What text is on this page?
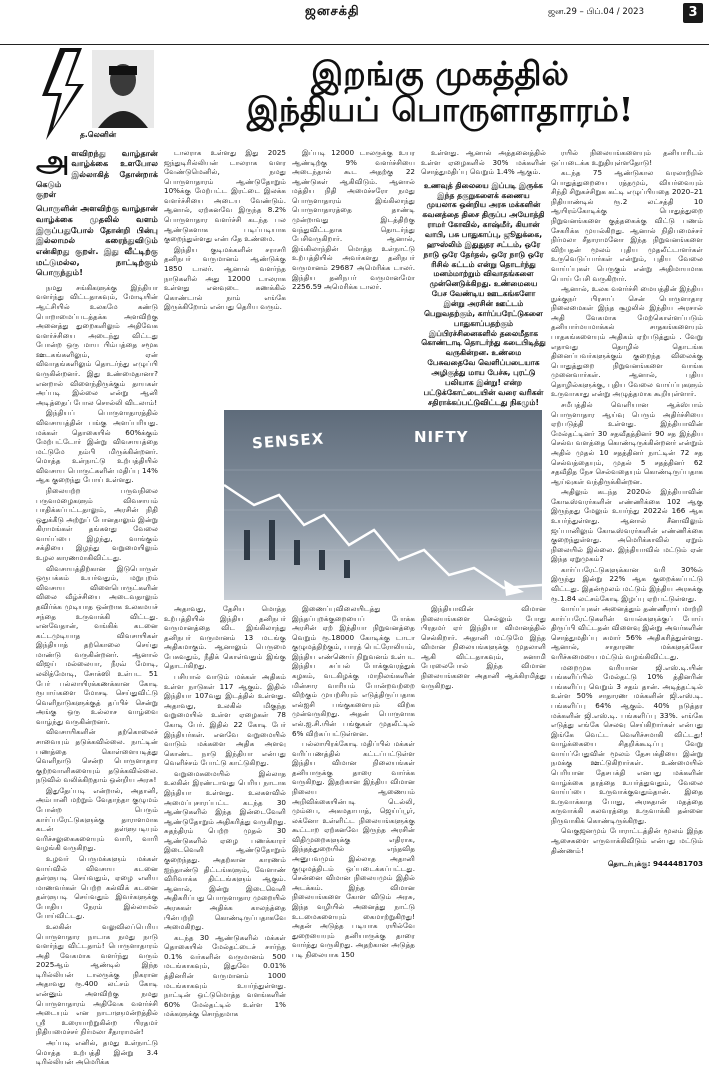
ஜனசக்தி	ஜன.29 – பிப்.04 / 2023	3
த.லெனின்
இறங்கு முகத்தில்
இந்தியப் பொருளாதாரம்!
அ ளவிறந்து வாழ்தான் வாழ்க்கை உளபோல இல்லாகித் தோன்றாக் கெடும்
குறள்
பொருளின் அளவிற்கு வாழ்தான் வாழ்க்கை முதலில் வளம் இருப்பதுபோல் தோன்றி பின்பு இல்லாமல் கரைந்துவிடும் என்கிறது குறள். இது வீட்டிற்கு மட்டுமல்ல, நாட்டிற்கும் பொருந்தும்!

நமது சங்கிகளுக்கு இந்தியா வளர்ந்து விட்டதாகவும், மோடியின் ஆட்சியில் உலகமே கண்டு பொறாமைப்படத்தக்க அளவிற்கு அனைத்து துறைகளிலும் அதிவேக வளர்ச்சியை அடைந்து விட்டது போன்ற ஒரு மாய பிம்பத்தை சமூக ஊடகங்களிலும், ஏன் விவாதங்களிலும் தொடர்ந்து எழுப்பி வருகின்றனர். இது உண்மைதானா? எனறால் விளைந்திருக்கும் தாயகள் அப்படி இல்லை என்று ஆனி அடித்தைப் போல சொல்லி விடலாம்!

இந்தியப் பொருளாதாரத்தில் விவசாயத்தின் பங்கு அளப்பரியது. மக்கள் தொகையில் 60%க்கும் மேற்பட்டோர் இன்று விவசாயத்தை மட்டுமே நம்பி மிருக்கின்றனர். மொத்த உள்நாட்டு உற்பத்தியில் விவசாய பொருட்களின் மதிப்பு 14% ஆக குறைந்து போய் உள்ளது.

நிலையற்ற பருவநிலை பருவமழைகளும் விவசாயம் பாதிக்கப்பட்டதாலும், அரசின் நிதி ஒதுக்கீடு அற்றுப் போனதாலும் இன்று கிராமங்கள் தங்களது வேலை வாய்ப்பை இழந்து, வாங்கும் சக்தியை இழந்து வறுமையிலும் உழல காரணமாகிவிட்டது.

விவசாயத்திற்கான இடுபொருள் ஒருபக்கம் உயர்வதும், மறுபுறம் விவசாய விளைபொருட்களின் விலை வீழ்ச்சியை அடைவதாலும் தவிர்க்க முடியாத ஒன்றாக உலகமயச் சந்தை உருவாக்கி விட்டது. எனவேதான், வங்கிக் கடனை கட்டமுடியாத விவசாயிகள் இந்தியாத் தற்கொலை செய்து மாண்டு வருகின்றனர். ஆனால் விஜய் மல்லையா, நீரவ் மோடி, லலித்மோடி, சோக்ஸி உள்பட 51 பேர் பல்லாயிரக்கணக்கான கோடி ரூபாய்களை மோசடி செய்துவிட்டு வெளிநாடுகளுக்குத் தப்பிச் சென்று அங்கு ஒரு உல்லாச வாழ்வை வாழ்ந்து வருகின்றனர்.

விவசாயிகளின் தற்கொலைச் சாவையும் தடுக்கவில்லை. நாட்டின் பணத்தை கொள்ளையடித்து வெளிநாடு சென்ற பொருளாதார குற்றவாளிகளையும் தடுக்கவில்லை. நடுவில் வலிக்கிறதாம் ஒன்றிய அரசு!

இதுதேப்படி என்றால், அதானி, அம்பானி மற்றும் வேதாந்தா குழுமம் போன்ற பெரும் கார்ப்பரேட்டுகளுக்கு தாராளமாக கடன் தள்ளுபடியும் வரிச்சலுகைகளையும் வாரி, வாரி வழங்கி வருகிறது.

உழவர் பெருமக்களும் மக்கள் வாய்வில் விவசாய கடனை தள்ளுபடி செய்வதும், ஏழை எளிய மாணவர்கள் பெற்ற கல்விக் கடனை தள்ளுபடி செய்வதும் இவர்களுக்கு போதிய நேரம் இல்லாமல் போய்விட்டது.

உலகின் வலுவிலப்பெரிய பொருளாதார நாடாக நமது நாடு வளர்ந்து விட்டதாம்! பொருளாதாரம் அதி வேகமாக வளர்ந்து வரும் 2025ஆம் ஆண்டில் இந்த டிரில்லியன் டாலருக்கு நிகரான அதாவது ரூ.400 லட்சம் கோடி என்னும் அளவிற்கு நமது பொருளாதாரம் அதிவேக வளர்ச்சி அடையும் என நாடாளுமன்றத்தில் ஸ்ரீ உரையாற்றுகின்ற பிரதமர் நிதியமைச்சர் நிர்மலா சீதாராமன்!

அப்படி எனில், தமது உள்நாட்டு மொத்த உற்பத்தி இன்று 3.4 டிரில்லியன் அமெரிக்க

டாலராக உள்ளது இது 2025 ஜந்துடிரில்லியன் டாலராக வளர வேண்டுமெனில், நமது பொருளாதாரம் ஆண்டுதோறும் 10%க்கு மேற்பட்ட இரட்டை இலக்க வளர்ச்சியை அடைய வேண்டும். ஆனால், ஏற்கனவே இருந்த 8.2% பொருளாதார வளர்ச்சி கடந்த பல ஆண்டுகளாக படிப்படியாக குறைந்துள்ளது என்பதே உண்மை.

இந்திய குடிமக்களின் சராசரி தனிநபர் வருமானம் ஆண்டுக்கு 1850 டாலர். ஆனால் வளர்ந்த நாடுகளில் அது 12000 டாலராக உள்ளது எனவுடை கணக்கில் கொண்டால் நாம் எங்கே இருக்கிறோம் என்பது தெரிய வரும்.

இப்படி 12000 டாலருக்கு உயர ஆண்டிற்கு 9% வளர்ச்சியை அடைந்தால் கூட அதற்கு 22 ஆண்டுகள் ஆகிவிடும். ஆனால் மத்திய நிதி அமைச்சரோ நமது பொருளாதாரம் இங்கிலாந்து பொருளாதாரத்தை தாண்டி முன்றாவது இடத்திற்கு வந்துவிட்டதாக தொடர்ந்து பேசிவருகிறார். ஆனால், இங்கிலாந்தின் மொத்த உள்நாட்டு உற்பத்தியில் அவர்களது தனிநபர் வருமானம் 29687 அமெரிக்க டாலர். இந்திய தனிநபர் வருமானமோ 2256.59 அமெரிக்க டாலர்.

உள்ளது. ஆனால் அத்தனைத்தில் உள்ள ஏழைகளில் 30% மக்களின் சொத்துமதிப்பு வெறும் 1.4% ஆகும்.

உணவுத் திலையை இப்படி இருக்க இந்த தகுறுகளைக் கணைய முயலாக ஒன்றிய அரசு மக்களின் கவனத்தை திசை திருப்ப அயோத்தி ராமர் கோவில், காஷ்மீர், கியான் வாபி, பசு பாதுகாப்பு, ஜூதுக்கை, ஹுஸ்லிம் இதுதுதர சட்டம், ஒரே நாடு ஒரே தேர்தல், ஒரே நாடு ஒரே ரிசில் கட்டம் என்று தொடர்ந்து மனம்மாற்றும் விவாதங்களை முன்னெடுக்கிறது. உண்மையை பேச வேண்டிய ஊடகங்களோ இன்று அரசின் ஊட்டம் பெறுவதற்கும், கார்ப்பரேட்டுகளை பாதுகாப்பதற்கும் இப்பிரச்சினைகளில் தலைமீதாக கொண்டாடி தொடர்ந்து கடைபிடித்து வருகின்றன. உண்மை பேசுவதைவே வெளிப்படையாக அழிகுத்து மாய பேச்சு, புரட்டு பலியாக இன்று! என்ற பட்டுக்கோட்டையின் வரை வரிகள் சதிராக்கப்பட்டுவிட்டது நிகழும்!

ரயில் நிலையங்களையும் தனியாரிடம் ஒப்படைக்க உறுதியுள்ளதோடு!

கடந்த 75 ஆண்டுகால வரலாற்றில் பொதுத்துறையை ரத்தமும், வியர்வையும் சிந்தி சிறுகச்சிறுக கட்டி எழுப்பியதை 2020–21 நிதியாண்டில் ரூ.2 லட்சத்தி 10 ஆயிரம்கோடிக்கு பொதுத்துறை நிறுவனங்களை குத்தகைக்கு விட்டு பணம் சேகரிக்க முயல்கிறது. ஆனால் நிதிபமைச்சர் நிர்மலா சீதாராமனோ இந்த நிறுவனங்களை விற்பதன் மூலம் புதிய முதலீட்டாளர்கள் உருவெடுப்பார்கள் என்றும், புதிய வேலை வாய்ப்புகள் பெருகும் என்று அதிமாயமாக பொய் பேசி வருகிறார்.

ஆனால், உலக வளர்ச்சி மையத்தின் இந்திய நுக்குநர் பிரசாப் சென் பொருளாதார நிலைமைகள் இந்த சூழலில் இந்திய அரசால் அதி வேகமாக மேற்கொள்ளப்படும் தனியார்மயமாக்கல் சாதகங்களையும் பாதகங்களையும் அதிகம் ஏற்படுத்தும் . வேறு எதாவது தொழில் தொடங்க தினைப்பவர்களுக்கும் குறைந்த விலைக்கு பொதுத்துறை நிறுவனங்களை வாங்க முனைவார்கள். ஆனால், புதிய தொழில்களுக்கு, புதிய வேலை வாய்ப்புகளும் உருவாகாது என்று அழுத்தமாக கூறியுள்ளார்.

சமீபத்தில் வெளியான ஆக்ஸ்பாம் பொருளாதார ஆய்வு பெரும் அதிர்ச்சியை ஏற்படுத்தி உள்ளது. இந்தியாவின் மேல்தட்டினர் 30 சதவீதத்தினர் 90 சத இந்திய செல்வ வளத்தை கொண்டிருக்கின்றனர் என்றும் அதில் முதல் 10 சதத்தினர் நாட்டின் 72 சத செல்வத்தையும், முதல் 5 சதத்தினர் 62 சதவீதித நேச செல்வதையும் கொண்டிருப்பதாக ஆய்வுகள் வந்திருக்கின்றன.

அதிலும் கடந்த 2020ல் இந்தியாவின் கோடீஸ்வரர்களின் எண்ணிக்கை 102 ஆகு இருந்தது மேலும் உயர்ந்து 2022ல் 166 ஆக உயர்ந்துள்ளது. ஆனால் சீனாவிலும் ஜப்பானிலும் கோடீஸ்வரர்களின் எண்ணிக்கை குறைந்துள்ளது. அமெரிக்காவில் ஏறும் நிலையில் இல்லை. இந்தியாவில் மட்டும் ஏன் இந்த ஏறுமுகம்?

கார்ப்பரேட்டுகளுக்கான வரி 30%ல் இருந்து இன்று 22% ஆக குறைக்கப்பட்டு விட்டது. இதன்மூலம் மட்டும் இந்திய அரசுக்கு ரூ.1.84 லட்சம்கோடி இழப்பு ஏற்பட்டுள்ளது.

வாய்ப்புகள் அனைத்தும் தண்ணீராய் மாற்றி கார்ப்பரேட்டுகளின் வயல்களுக்குப் போய் திருப்பி விட்டதன் விளைவு இன்று அவர்களின் சொத்துமதிப்பு சுமார் 56% அதிகரித்துள்ளது. ஆனால், சாதாரண மக்களுக்கோ வரிச்சுமையை மட்டும் வழங்கிவிட்டது.

மறைமுக வரியான ஜி.எஸ்.டி.யின் பங்களிப்பில் மேல்தட்டு 10% த்தினரின் பங்களிப்பு வெறும் 3 சதம் தான். அடித்தட்டில் உள்ள 50% சாதாரண மக்களின் ஜி.எஸ்.டி. பங்களிப்பு 64% ஆகும். 40% நடுத்தர மக்களின் ஜி.எஸ்.டி. பங்களிப்பு 33%. எங்கே எடுத்து எங்கே செலவு செய்கிறார்கள் என்பது இங்கே வெட்ட வெளிச்சமாகி விட்டது! வாழ்க்கையை சிதறிக்கூடிப்பு வேறு வாய்ப்பேதுவின் மூலம் தேசபக்தியை இன்று நமக்கு ஊட்டுகிறார்கள். உண்மையில் பெரியான தேசபக்தி எனபது மக்களின் வாழ்க்கை தரத்தை உயர்த்துவதும், வேலை வாய்ப்பை உருவாக்குவதும்தான். இதை உருவாக்காத போது, அரசுதான் மதத்தை கருவாக்கி கலவரத்தை உருவாக்கி தன்னை நிருவாகிக் கொண்டிருக்கிறது.

வெகுஜனமும் போராட்டத்தின் மூலம் இந்த ஆசைகளை எருவாக்கிவிடும் என்பது மட்டும் திண்ணம்!

தொடர்புக்கு: 9444481703
SENSEX	NIFTY

அதாவது, தேசிய மொத்த உற்பத்தியில் இந்திய தனிநபர் வருமானத்தை விட இங்கிலாந்து தனிநபர் வருமானம் 13 மடங்கு அதிகமாகும். ஆனாலும் பெருமை பேசுவதும், நீதிக் கொள்வதும் இங்கு தொடர்கிறது.

பசியால் வாடும் மக்கள் அதிகம் உள்ள நாடுகள் 117 ஆகும். இதில் இந்தியா 107வது இடத்தில் உள்ளது. அதாவது, உலகில் மிகுந்த வறுமையில் உள்ள ஏழைகள் 78 கோடி பேர். இதில் 22 கோடி பேர் இந்தியர்கள். எனவே வறுமையில் வாடும் மக்களை அதிக அளவு கொண்ட நாடு இந்தியா என்பது வெளிச்சம் போட்டு காட்டுகிறது.

வறுமைசுமையில் இல்லாத உலகின் இரண்டாவது பெரிய நாடாக இந்தியா உள்ளது. உலகளவில் அமைப்புசாரப்பட்ட கடந்த 30 ஆண்டுகளில் இந்த இன்டைவேளி ஆண்டுதோறும் அதிகரித்து வருகிறது. சுதந்திரம் பெற்ற முதல் 30 ஆண்டுகளில் ஏழை பணக்காரர் இடைவெளி ஆண்டுதோறும் குறைந்தது. அதற்கான காரணம் ஐந்தாண்டு திட்டங்களும், வேளாண் விரிவாக்க திட்டங்களும் ஆகும். ஆனால், இன்று இடைவெளி அதிகரிப்பது பொருளாதார முறையில் அரசுகள் அதிக்க காலந்த்தை பின்பற்றி கொண்டிருப்பதாகவே அமைகிறது.

கடந்த 30 ஆண்டுகளில் மக்கள் தொகையில் மேல்தட்டைச் சார்ந்த 0.1% வர்களின் வருமானம் 500 மடங்காகவும், இதுவே 0.01% த்தினரின் வருமானம் 1000 மடங்காகவும் உயர்ந்துள்ளது. நாட்டின் ஒட்டுமொத்த வளங்களின் 60% மேல்தட்டில் உள்ள 1% மக்களுக்கு சொந்தமாக

இணைப்புவிலையிடத்து இந்தப்புறக்குறையைப் போக்க அரசின் ஏற் இந்தியா நிறுவனத்தை வெறும் ரூ.18000 கோடிக்கு டாடா குழுமத்திற்கும், பாரத் பெட்ரோலியம், இந்திய எண்ணெய் நிறுவனம் உள்பட இந்திய சுப்பல் போக்குவரத்துக் கழகம், வடகிழக்கு மாநிலங்களின் மின்சார வாரியம் போன்றவற்றை விற்கும் முயற்சியும் எடுத்திருப்பதாக எல்ஐசி பங்குகளையும் விற்க முன்வருகிறது. அதன் பொருளாக எல்.ஐ.சி.யின் பங்குகள் முதலீட்டில் 6% விற்கப்பட்டுள்ளன.

பல்லாயிரக்கோடி மதிப்பில் மக்கள் வரிப்பணத்தில் கட்டப்பட்டுள்ள இந்திய விமான நிலையங்கள் தனியாருக்கு தாரை வார்க்க வருகிறது. இதற்கான இந்திய விமான நிலைய ஆணையம் அறிவிக்கையின்படி டெல்லி, மும்பை, அகமதாபாத், ஜெய்ப்பூர், லக்னோ உள்ளிட்ட நிலையங்களுக்கு கூட்டாற ஏற்கனவே இருந்த அரசின் விதிமுறைகளுக்கு எதிராக, இந்தத்துறையில் எந்தவித அனுபவமும் இல்லாத அதானி குழுமத்திடம் ஒப்படைக்கப்பட்டது. சென்னை விமான நிலையமும் இதில் அடக்கம். இந்த விமான நிலையங்களை கோள விடும் அரசு, இந்த வழியில் அனைத்து நாட்டு உடமைகளையும் கைமாற்றுகிறது! அதன் அடுத்த படியாக ரயில்வே துறையையும் தனியாருக்கு தாரை வார்த்து வருகிறது. அதற்கான அடுத்த படி நிலையாக 150

இந்தியாவின் விமான நிலையங்களை செல்லும் போது பிரதமர் ஏர் இந்தியா விமானத்தில் செல்கிறார். அதானி மட்டுமே இந்த விமான நிலையங்களுக்கு முதலாளி ஆகி விட்டதாகவும், சுனாமி பேரலைபோல் இந்த விமான நிலையங்களை அதானி ஆக்கிரமித்து வருகிறது.
